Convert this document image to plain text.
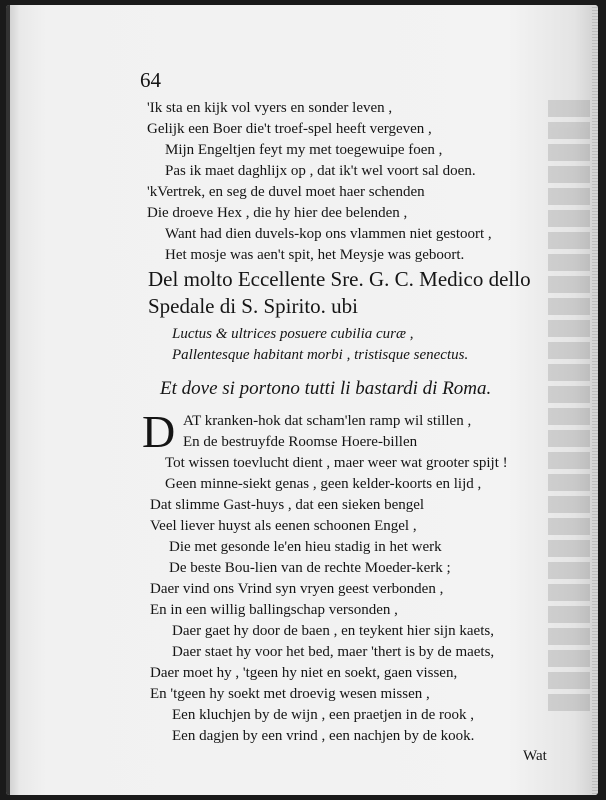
64
'Ik sta en kijk vol vyers en sonder leven ,
Gelijk een Boer die't troef-spel heeft vergeven ,
Mijn Engeltjen feyt my met toegewuipe foen ,
Pas ik maet daghlijx op , dat ik't wel voort sal doen.
'kVertrek, en seg de duvel moet haer schenden
Die droeve Hex , die hy hier dee belenden ,
Want had dien duvels-kop ons vlammen niet gestoort ,
Het mosje was aen't spit, het Meysje was geboort.
Del molto Eccellente Sre. G. C. Medico dello
Spedale di S. Spirito. ubi
Luctus & ultrices posuere cubilia curæ ,
Pallentesque habitant morbi , tristisque senectus.
Et dove si portono tutti li bastardi di Roma.
D AT kranken-hok dat scham'len ramp wil stillen ,
En de bestruyfde Roomse Hoere-billen
Tot wissen toevlucht dient , maer weer wat grooter spijt !
Geen minne-siekt genas , geen kelder-koorts en lijd ,
Dat slimme Gast-huys , dat een sieken bengel
Veel liever huyst als eenen schoonen Engel ,
Die met gesonde le'en hieu stadig in het werk
De beste Bou-lien van de rechte Moeder-kerk ;
Daer vind ons Vrind syn vryen geest verbonden ,
En in een willig ballingschap versonden ,
Daer gaet hy door de baen , en teykent hier sijn kaets,
Daer staet hy voor het bed, maer 'thert is by de maets,
Daer moet hy , 'tgeen hy niet en soekt, gaen vissen,
En 'tgeen hy soekt met droevig wesen missen ,
Een kluchjen by de wijn , een praetjen in de rook ,
Een dagjen by een vrind , een nachjen by de kook.
Wat
